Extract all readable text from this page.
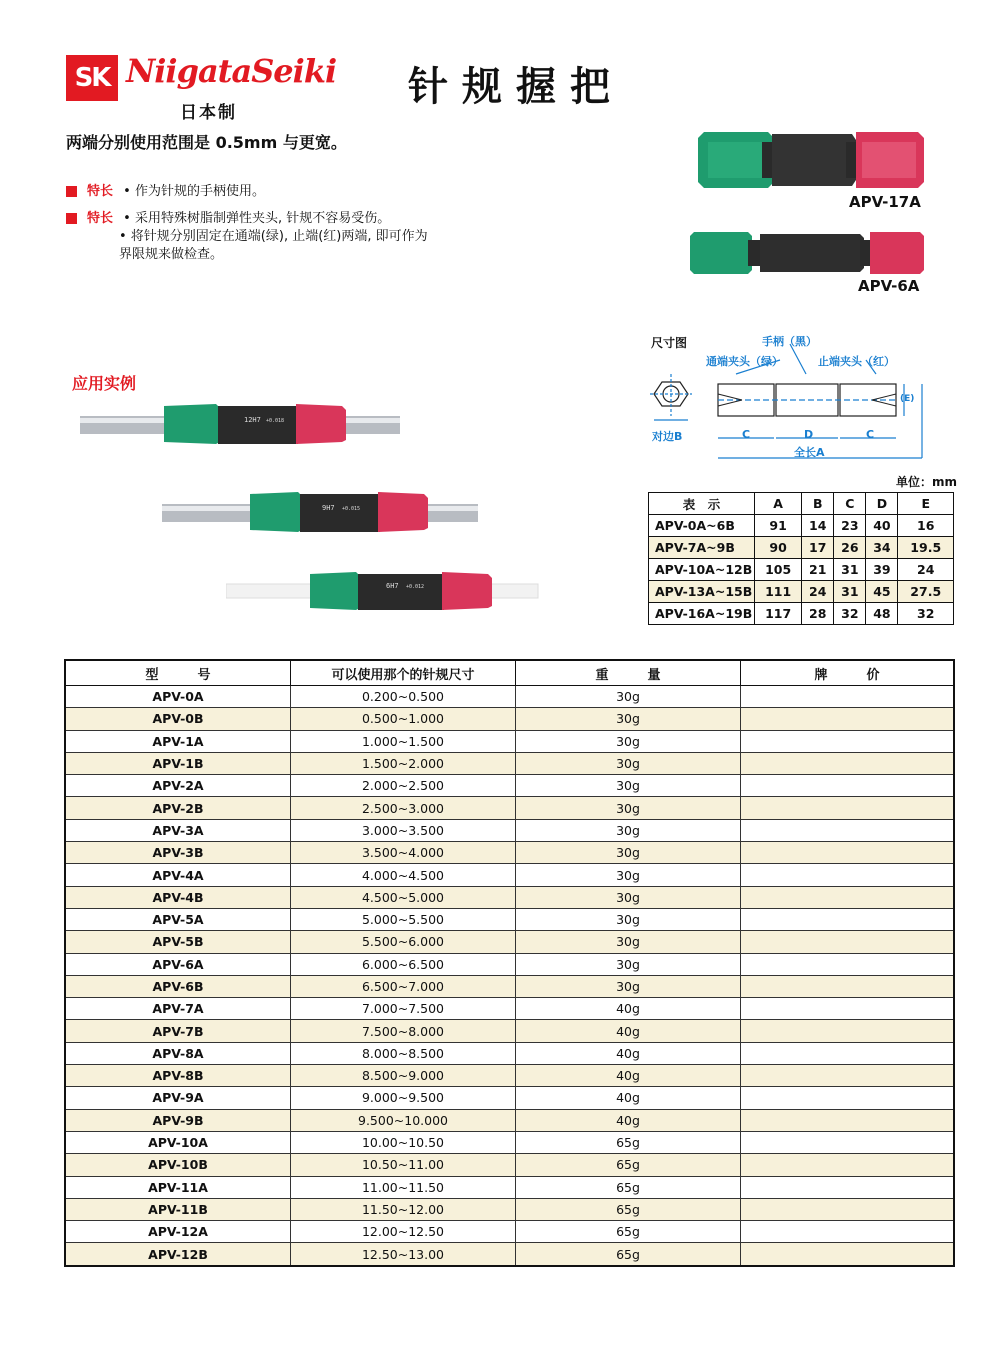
SK NiigataSeiki
日本制
针规握把
两端分别使用范围是 0.5mm 与更宽。
特长 • 作为针规的手柄使用。
特长 • 采用特殊树脂制弹性夹头, 针规不容易受伤。
• 将针规分别固定在通端(绿), 止端(红)两端, 即可作为
界限规来做检查。
APV-17A
APV-6A
应用实例
12H7 +0.018
9H7 +0.015
6H7 +0.012
尺寸图	手柄（黑）
通端夹头（绿）	止端夹头（红）
对边B	C	D	C
全长A
(E)
单位：mm
表　示	A	B	C	D	E
APV-0A~6B	91	14	23	40	16
APV-7A~9B	90	17	26	34	19.5
APV-10A~12B	105	21	31	39	24
APV-13A~15B	111	24	31	45	27.5
APV-16A~19B	117	28	32	48	32
型　　　号	可以使用那个的针规尺寸	重　　　量	牌　　　价
APV-0A	0.200~0.500	30g	
APV-0B	0.500~1.000	30g	
APV-1A	1.000~1.500	30g	
APV-1B	1.500~2.000	30g	
APV-2A	2.000~2.500	30g	
APV-2B	2.500~3.000	30g	
APV-3A	3.000~3.500	30g	
APV-3B	3.500~4.000	30g	
APV-4A	4.000~4.500	30g	
APV-4B	4.500~5.000	30g	
APV-5A	5.000~5.500	30g	
APV-5B	5.500~6.000	30g	
APV-6A	6.000~6.500	30g	
APV-6B	6.500~7.000	30g	
APV-7A	7.000~7.500	40g	
APV-7B	7.500~8.000	40g	
APV-8A	8.000~8.500	40g	
APV-8B	8.500~9.000	40g	
APV-9A	9.000~9.500	40g	
APV-9B	9.500~10.000	40g	
APV-10A	10.00~10.50	65g	
APV-10B	10.50~11.00	65g	
APV-11A	11.00~11.50	65g	
APV-11B	11.50~12.00	65g	
APV-12A	12.00~12.50	65g	
APV-12B	12.50~13.00	65g	
